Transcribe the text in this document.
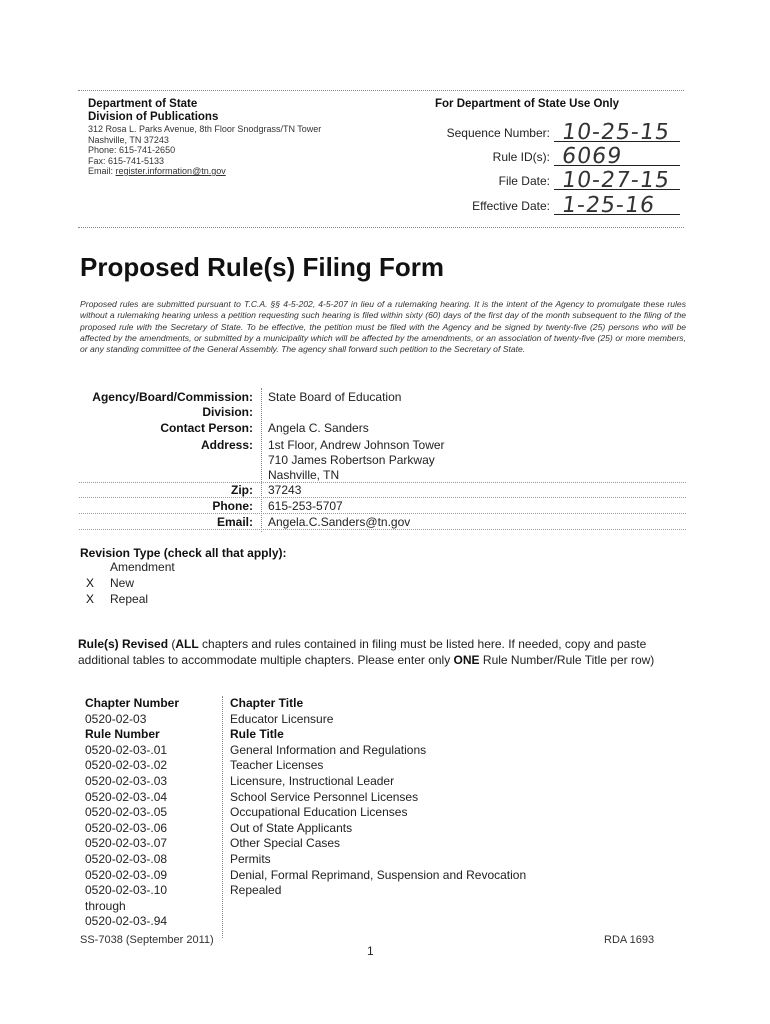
Department of State
Division of Publications
312 Rosa L. Parks Avenue, 8th Floor Snodgrass/TN Tower
Nashville, TN 37243
Phone: 615-741-2650
Fax: 615-741-5133
Email: register.information@tn.gov
For Department of State Use Only
Sequence Number: 10-25-15
Rule ID(s): 6069
File Date: 10-27-15
Effective Date: 1-25-16
Proposed Rule(s) Filing Form
Proposed rules are submitted pursuant to T.C.A. §§ 4-5-202, 4-5-207 in lieu of a rulemaking hearing. It is the intent of the Agency to promulgate these rules without a rulemaking hearing unless a petition requesting such hearing is filed within sixty (60) days of the first day of the month subsequent to the filing of the proposed rule with the Secretary of State. To be effective, the petition must be filed with the Agency and be signed by twenty-five (25) persons who will be affected by the amendments, or submitted by a municipality which will be affected by the amendments, or an association of twenty-five (25) or more members, or any standing committee of the General Assembly. The agency shall forward such petition to the Secretary of State.
Agency/Board/Commission: State Board of Education
Division:
Contact Person: Angela C. Sanders
Address: 1st Floor, Andrew Johnson Tower
710 James Robertson Parkway
Nashville, TN
Zip: 37243
Phone: 615-253-5707
Email: Angela.C.Sanders@tn.gov
Revision Type (check all that apply):
Amendment
X New
X Repeal
Rule(s) Revised (ALL chapters and rules contained in filing must be listed here. If needed, copy and paste additional tables to accommodate multiple chapters. Please enter only ONE Rule Number/Rule Title per row)
Chapter Number	Chapter Title
0520-02-03	Educator Licensure
Rule Number	Rule Title
0520-02-03-.01	General Information and Regulations
0520-02-03-.02	Teacher Licenses
0520-02-03-.03	Licensure, Instructional Leader
0520-02-03-.04	School Service Personnel Licenses
0520-02-03-.05	Occupational Education Licenses
0520-02-03-.06	Out of State Applicants
0520-02-03-.07	Other Special Cases
0520-02-03-.08	Permits
0520-02-03-.09	Denial, Formal Reprimand, Suspension and Revocation
0520-02-03-.10	Repealed
through
0520-02-03-.94
SS-7038 (September 2011)	RDA 1693
1
